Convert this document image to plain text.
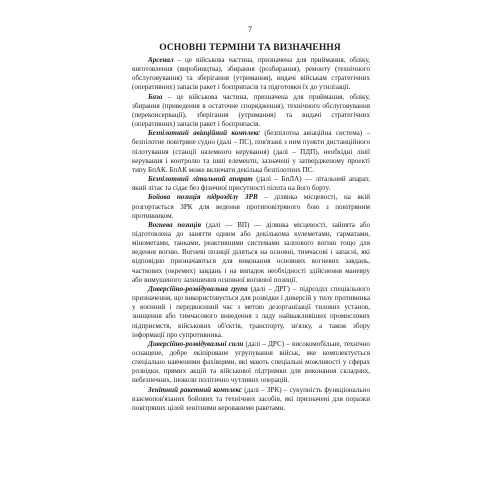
7
ОСНОВНІ ТЕРМІНИ ТА ВИЗНАЧЕННЯ

Арсенал – це військова частина, призначена для приймання, обліку, виготовлення (виробництва), збирання (розбирання), ремонту (технічного обслуговування) та зберігання (утримання), видачі військам стратегічних (оперативних) запасів ракет і боєприпасів та підготовки їх до утилізації.

База – це військова частина, призначена для приймання, обліку, збирання (приведення в остаточне спорядження), технічного обслуговування (переконсервації), зберігання (утримання) та видачі стратегічних (оперативних) запасів ракет і боєприпасів.

Безпілотний авіаційний комплекс (безпілотна авіаційна система) – безпілотне повітряне судно (далі – ПС), пов'язані з ним пункти дистанційного пілотування (станції наземного керування) (далі – ПДП), необхідні лінії керування і контролю та інші елементи, зазначені у затвердженому проекті типу БпАК. БпАК може включати декілька безпілотних ПС.

Безпілотний літальний апарат (далі – БпЛА) — літальний апарат, який літає та сідає без фізичної присутності пілота на його борту.

Бойова позиція підрозділу ЗРВ – ділянка місцевості, на якій розгортається ЗРК для ведення протиповітряного бою з повітряним противником.

Вогнева позиція (далі — ВП) — ділянка місцевості, зайнята або підготовлена до заняття одним або декількома кулеметами, гарматами, мінометами, танками, реактивними системами залпового вогню тощо для ведення вогню. Вогневі позиції діляться на основні, тимчасові і запасні, які відповідно призначаються для виконання основних вогневих завдань, часткових (окремих) завдань і на випадок необхідності здійснення маневру або вимушеного залишення основної вогневої позиції.

Диверсійно-розвідувальна група (далі – ДРГ) – підрозділ спеціального призначення, що використовується для розвідки і диверсій у тилу противника у воєнний і передвоєнний час з метою дезорганізації тилових установ, знищення або тимчасового виведення з ладу найважливіших промислових підприємств, військових об'єктів, транспорту, зв'язку, а також збору інформації про супротивника.

Диверсійно-розвідувальні сили (далі – ДРС) – високомобільне, технічно оснащене, добре екіпіроване угрупування військ, яке комплектується спеціально навченими фахівцями, які мають спеціальні можливості у сферах розвідки, прямих акцій та військової підтримки для виконання складних, небезпечних, іноколи політично чутливих операцій.

Зенітний ракетний комплекс (далі – ЗРК) – сукупність функціонально взаємопов'язаних бойових та технічних засобів, які призначені для поразки повітряних цілей зенітними керованими ракетами.
